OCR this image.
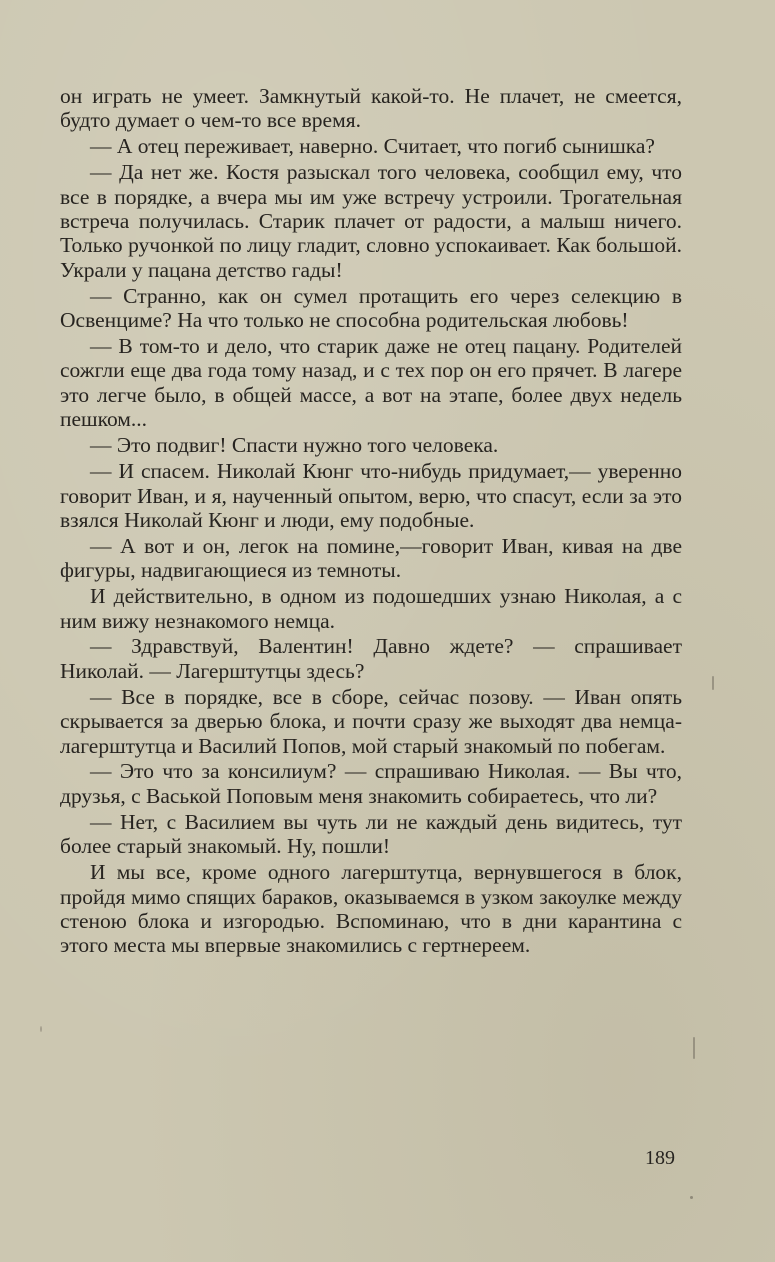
он играть не умеет. Замкнутый какой-то. Не плачет, не смеется, будто думает о чем-то все время.

— А отец переживает, наверно. Считает, что погиб сынишка?

— Да нет же. Костя разыскал того человека, сообщил ему, что все в порядке, а вчера мы им уже встречу устроили. Трогательная встреча получилась. Старик плачет от радости, а малыш ничего. Только ручонкой по лицу гладит, словно успокаивает. Как большой. Украли у пацана детство гады!

— Странно, как он сумел протащить его через селекцию в Освенциме? На что только не способна родительская любовь!

— В том-то и дело, что старик даже не отец пацану. Родителей сожгли еще два года тому назад, и с тех пор он его прячет. В лагере это легче было, в общей массе, а вот на этапе, более двух недель пешком...

— Это подвиг! Спасти нужно того человека.

— И спасем. Николай Кюнг что-нибудь придумает,— уверенно говорит Иван, и я, наученный опытом, верю, что спасут, если за это взялся Николай Кюнг и люди, ему подобные.

— А вот и он, легок на помине,—говорит Иван, кивая на две фигуры, надвигающиеся из темноты.

И действительно, в одном из подошедших узнаю Николая, а с ним вижу незнакомого немца.

— Здравствуй, Валентин! Давно ждете? — спрашивает Николай. — Лагерштутцы здесь?

— Все в порядке, все в сборе, сейчас позову. — Иван опять скрывается за дверью блока, и почти сразу же выходят два немца-лагерштутца и Василий Попов, мой старый знакомый по побегам.

— Это что за консилиум? — спрашиваю Николая. — Вы что, друзья, с Васькой Поповым меня знакомить собираетесь, что ли?

— Нет, с Василием вы чуть ли не каждый день видитесь, тут более старый знакомый. Ну, пошли!

И мы все, кроме одного лагерштутца, вернувшегося в блок, пройдя мимо спящих бараков, оказываемся в узком закоулке между стеною блока и изгородью. Вспоминаю, что в дни карантина с этого места мы впервые знакомились с гертнереем.

189
